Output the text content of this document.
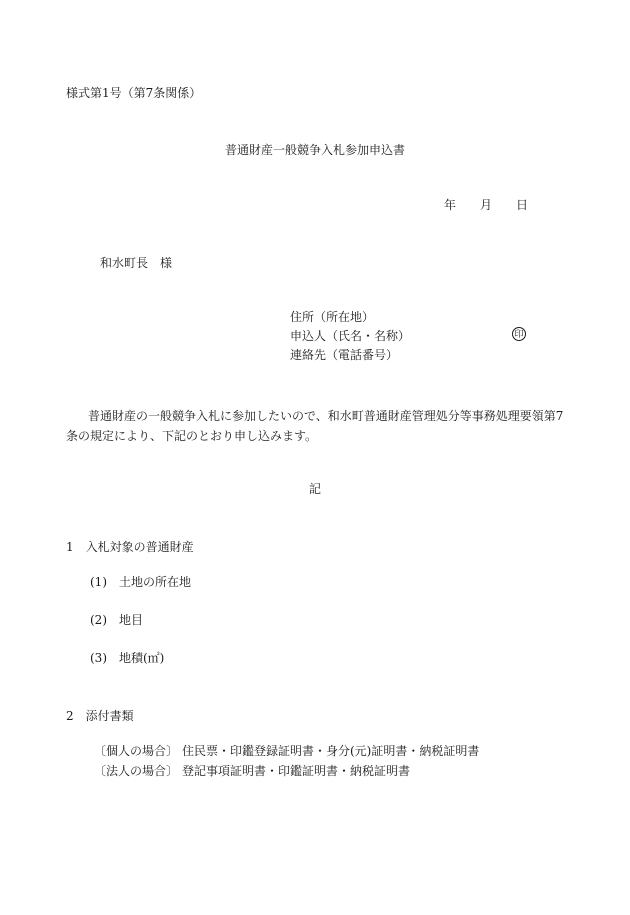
様式第1号（第7条関係）
普通財産一般競争入札参加申込書
年 月 日
和水町長　様
住所（所在地）
申込人（氏名・名称）	印
連絡先（電話番号）
普通財産の一般競争入札に参加したいので、和水町普通財産管理処分等事務処理要領第7条の規定により、下記のとおり申し込みます。
記
1　入札対象の普通財産
(1)　土地の所在地
(2)　地目
(3)　地積(㎡)
2　添付書類
〔個人の場合〕 住民票・印鑑登録証明書・身分(元)証明書・納税証明書
〔法人の場合〕 登記事項証明書・印鑑証明書・納税証明書
